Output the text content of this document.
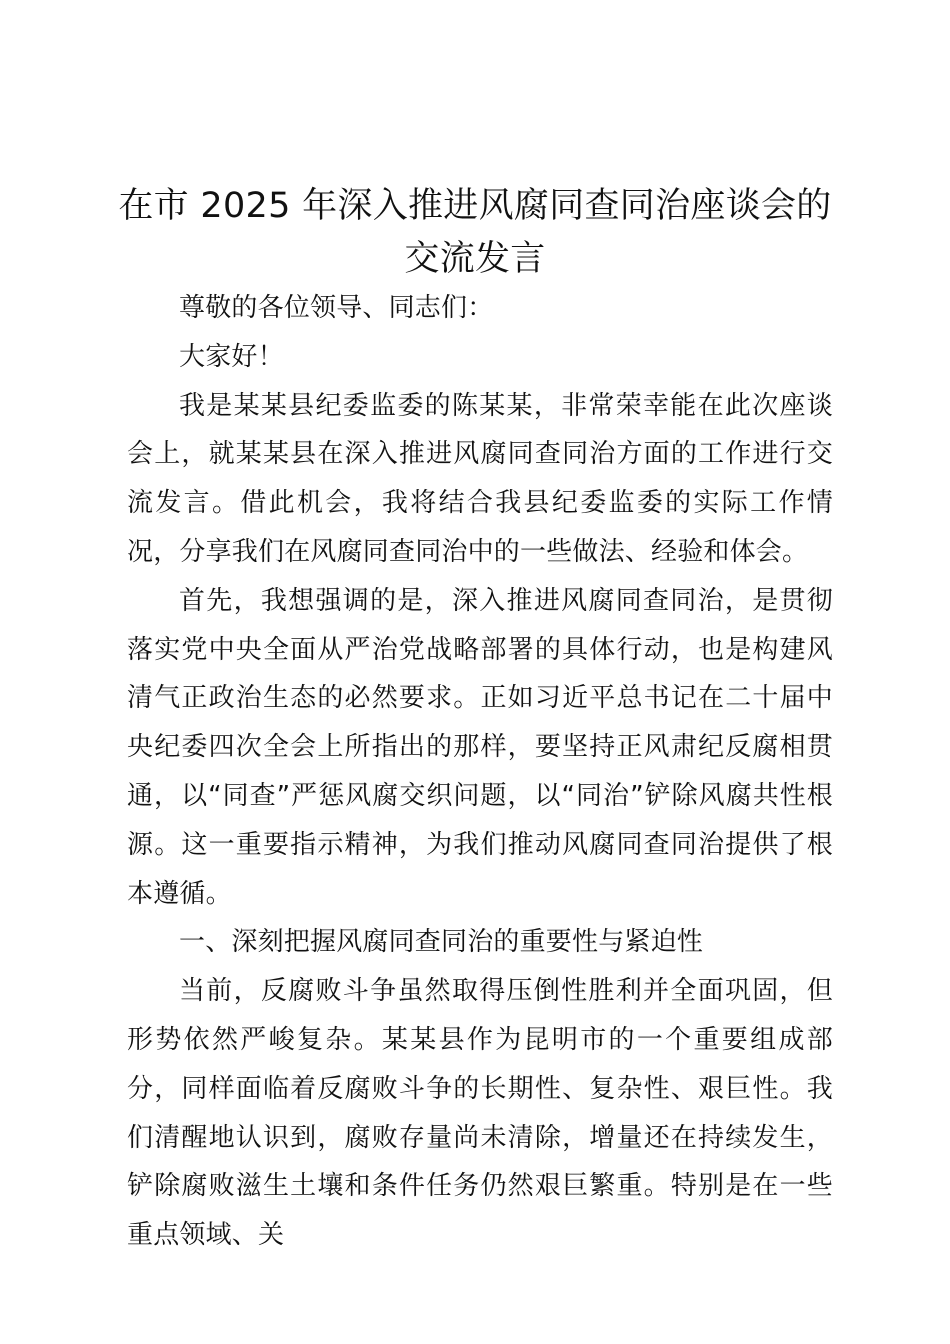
在市 2025 年深入推进风腐同查同治座谈会的
交流发言

尊敬的各位领导、同志们：

大家好！

我是某某县纪委监委的陈某某，非常荣幸能在此次座谈会上，就某某县在深入推进风腐同查同治方面的工作进行交流发言。借此机会，我将结合我县纪委监委的实际工作情况，分享我们在风腐同查同治中的一些做法、经验和体会。

首先，我想强调的是，深入推进风腐同查同治，是贯彻落实党中央全面从严治党战略部署的具体行动，也是构建风清气正政治生态的必然要求。正如习近平总书记在二十届中央纪委四次全会上所指出的那样，要坚持正风肃纪反腐相贯通，以“同查”严惩风腐交织问题，以“同治”铲除风腐共性根源。这一重要指示精神，为我们推动风腐同查同治提供了根本遵循。

一、深刻把握风腐同查同治的重要性与紧迫性

当前，反腐败斗争虽然取得压倒性胜利并全面巩固，但形势依然严峻复杂。某某县作为昆明市的一个重要组成部分，同样面临着反腐败斗争的长期性、复杂性、艰巨性。我们清醒地认识到，腐败存量尚未清除，增量还在持续发生，铲除腐败滋生土壤和条件任务仍然艰巨繁重。特别是在一些重点领域、关
